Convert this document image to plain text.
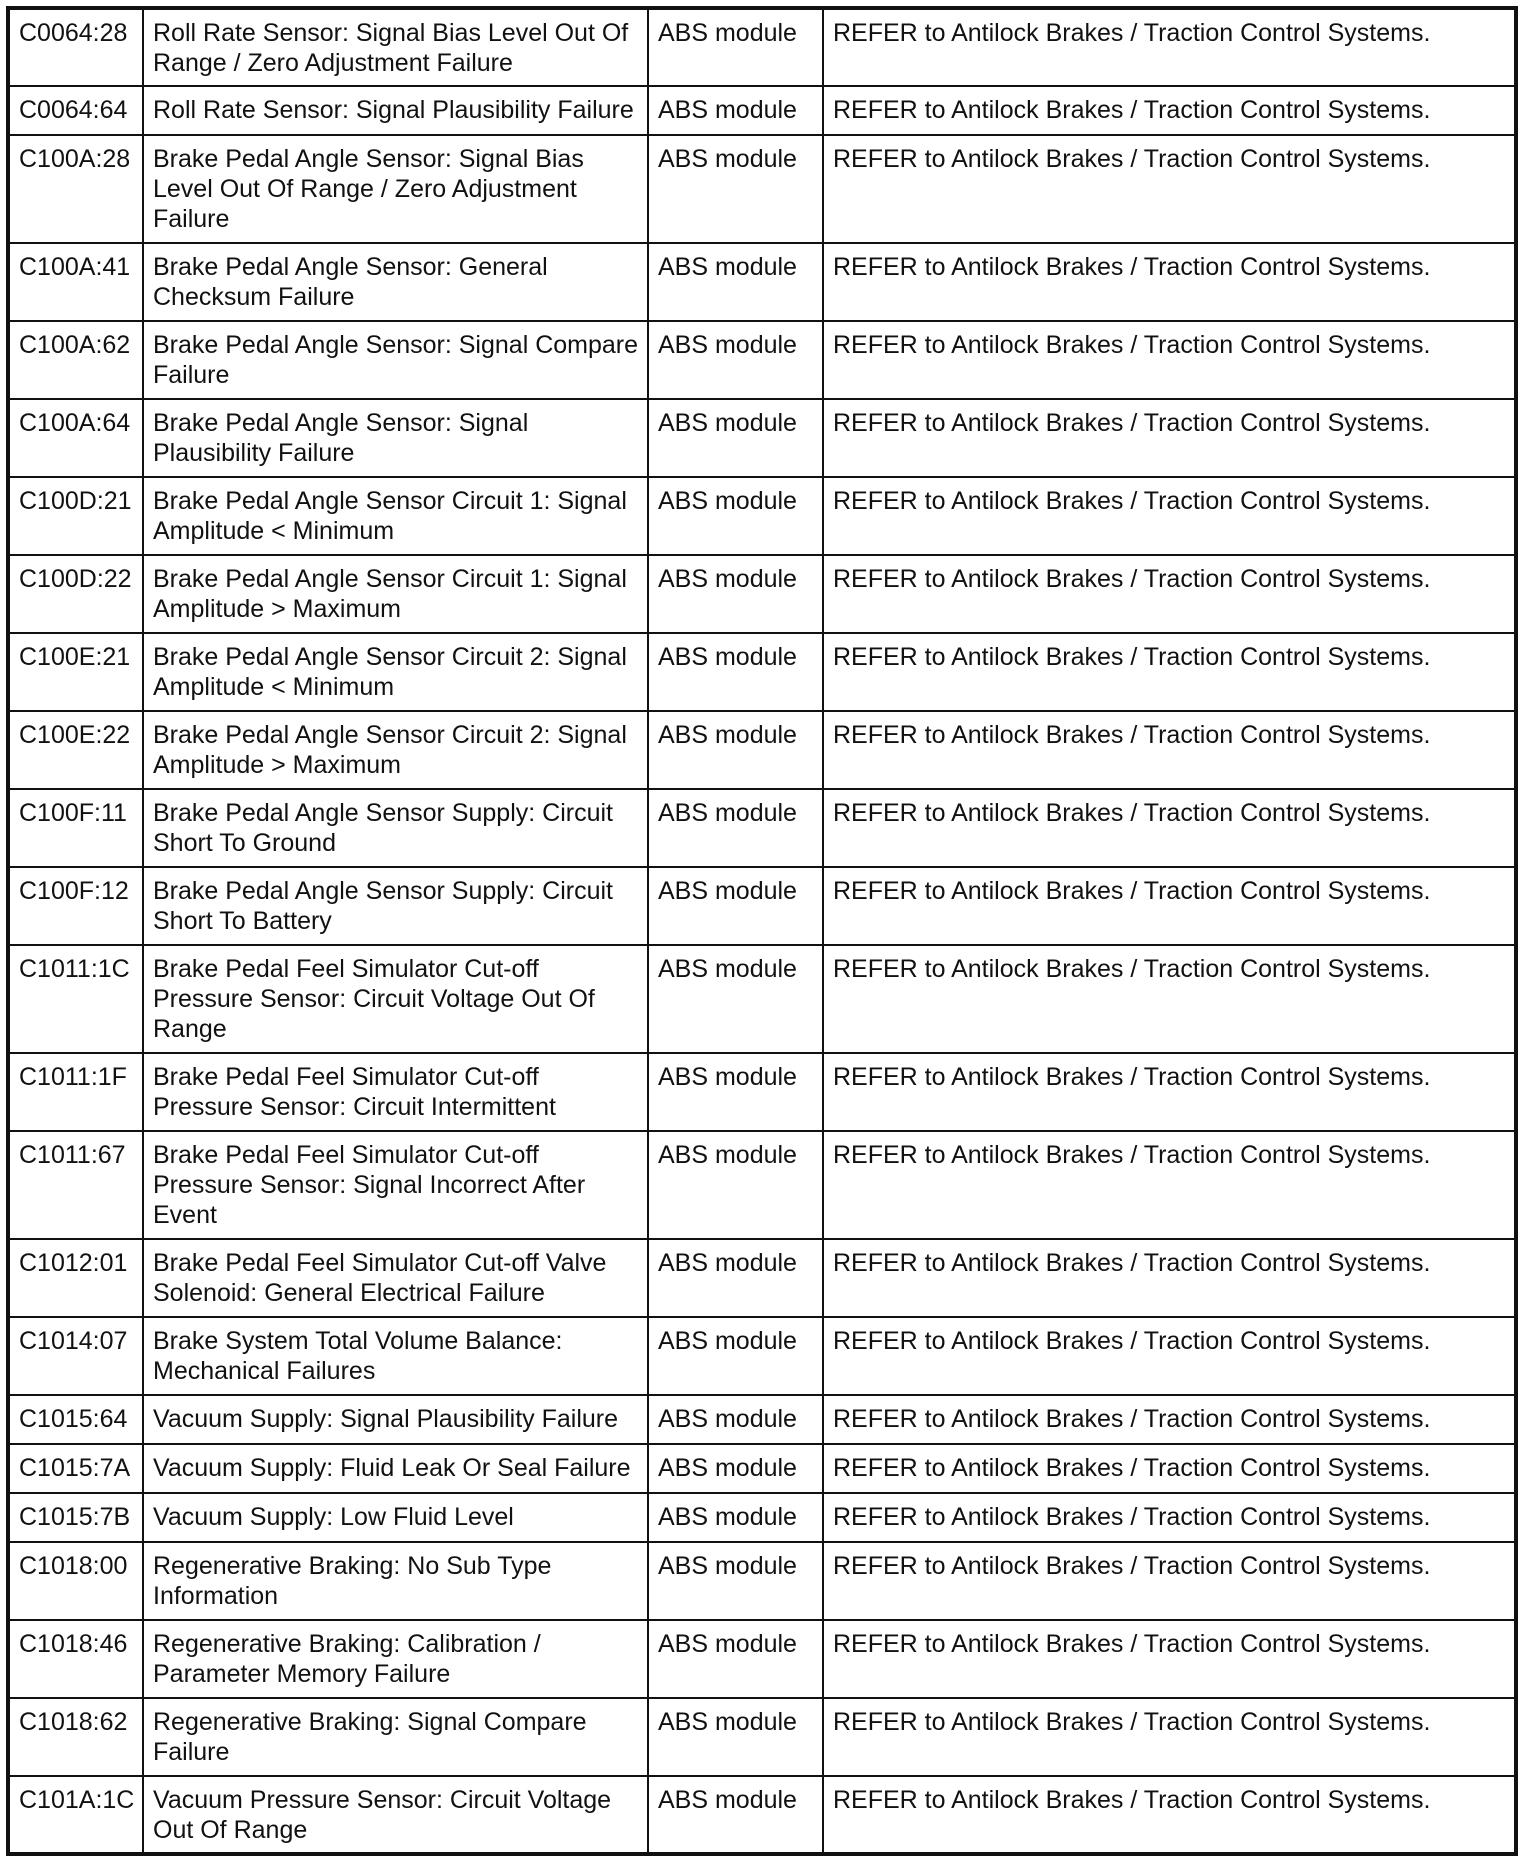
C0064:28	Roll Rate Sensor: Signal Bias Level Out Of Range / Zero Adjustment Failure	ABS module	REFER to Antilock Brakes / Traction Control Systems.
C0064:64	Roll Rate Sensor: Signal Plausibility Failure	ABS module	REFER to Antilock Brakes / Traction Control Systems.
C100A:28	Brake Pedal Angle Sensor: Signal Bias Level Out Of Range / Zero Adjustment Failure	ABS module	REFER to Antilock Brakes / Traction Control Systems.
C100A:41	Brake Pedal Angle Sensor: General Checksum Failure	ABS module	REFER to Antilock Brakes / Traction Control Systems.
C100A:62	Brake Pedal Angle Sensor: Signal Compare Failure	ABS module	REFER to Antilock Brakes / Traction Control Systems.
C100A:64	Brake Pedal Angle Sensor: Signal Plausibility Failure	ABS module	REFER to Antilock Brakes / Traction Control Systems.
C100D:21	Brake Pedal Angle Sensor Circuit 1: Signal Amplitude < Minimum	ABS module	REFER to Antilock Brakes / Traction Control Systems.
C100D:22	Brake Pedal Angle Sensor Circuit 1: Signal Amplitude > Maximum	ABS module	REFER to Antilock Brakes / Traction Control Systems.
C100E:21	Brake Pedal Angle Sensor Circuit 2: Signal Amplitude < Minimum	ABS module	REFER to Antilock Brakes / Traction Control Systems.
C100E:22	Brake Pedal Angle Sensor Circuit 2: Signal Amplitude > Maximum	ABS module	REFER to Antilock Brakes / Traction Control Systems.
C100F:11	Brake Pedal Angle Sensor Supply: Circuit Short To Ground	ABS module	REFER to Antilock Brakes / Traction Control Systems.
C100F:12	Brake Pedal Angle Sensor Supply: Circuit Short To Battery	ABS module	REFER to Antilock Brakes / Traction Control Systems.
C1011:1C	Brake Pedal Feel Simulator Cut-off Pressure Sensor: Circuit Voltage Out Of Range	ABS module	REFER to Antilock Brakes / Traction Control Systems.
C1011:1F	Brake Pedal Feel Simulator Cut-off Pressure Sensor: Circuit Intermittent	ABS module	REFER to Antilock Brakes / Traction Control Systems.
C1011:67	Brake Pedal Feel Simulator Cut-off Pressure Sensor: Signal Incorrect After Event	ABS module	REFER to Antilock Brakes / Traction Control Systems.
C1012:01	Brake Pedal Feel Simulator Cut-off Valve Solenoid: General Electrical Failure	ABS module	REFER to Antilock Brakes / Traction Control Systems.
C1014:07	Brake System Total Volume Balance: Mechanical Failures	ABS module	REFER to Antilock Brakes / Traction Control Systems.
C1015:64	Vacuum Supply: Signal Plausibility Failure	ABS module	REFER to Antilock Brakes / Traction Control Systems.
C1015:7A	Vacuum Supply: Fluid Leak Or Seal Failure	ABS module	REFER to Antilock Brakes / Traction Control Systems.
C1015:7B	Vacuum Supply: Low Fluid Level	ABS module	REFER to Antilock Brakes / Traction Control Systems.
C1018:00	Regenerative Braking: No Sub Type Information	ABS module	REFER to Antilock Brakes / Traction Control Systems.
C1018:46	Regenerative Braking: Calibration / Parameter Memory Failure	ABS module	REFER to Antilock Brakes / Traction Control Systems.
C1018:62	Regenerative Braking: Signal Compare Failure	ABS module	REFER to Antilock Brakes / Traction Control Systems.
C101A:1C	Vacuum Pressure Sensor: Circuit Voltage Out Of Range	ABS module	REFER to Antilock Brakes / Traction Control Systems.
